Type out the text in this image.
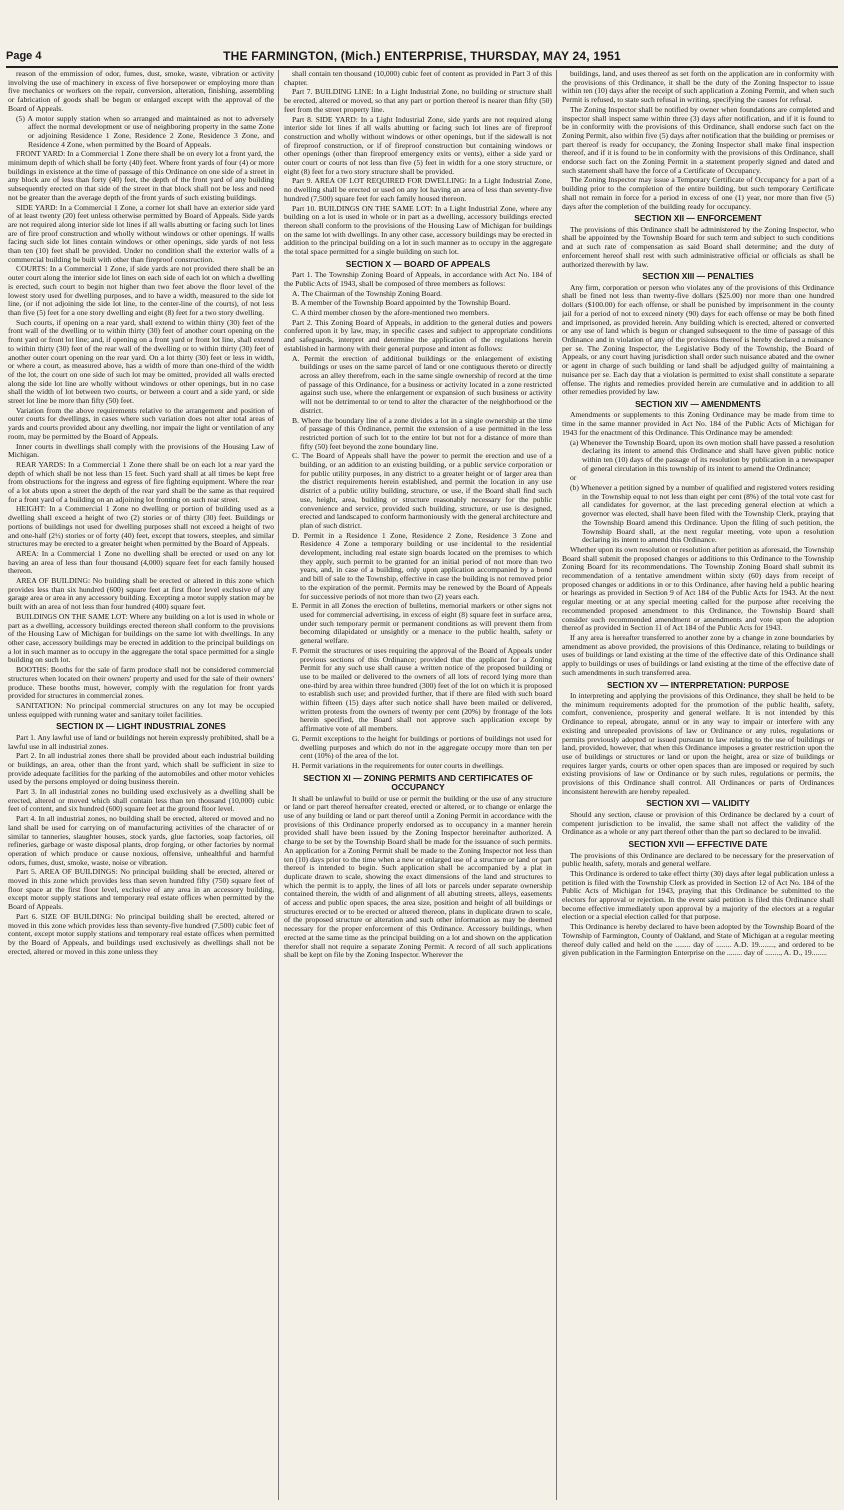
Page 4	THE FARMINGTON, (Mich.) ENTERPRISE, THURSDAY, MAY 24, 1951

reason of the emmission of odor, fumes, dust, smoke, waste, vibration or activity involving the use of machinery in excess of five horsepower or employing more than five mechanics or workers on the repair, conversion, alteration, finishing, assembling or fabrication of goods shall be begun or enlarged except with the approval of the Board of Appeals.

(5) A motor supply station when so arranged and maintained as not to adversely affect the normal development or use of neighboring property in the same Zone or adjoining Residence 1 Zone, Residence 2 Zone, Residence 3 Zone, and Residence 4 Zone, when permitted by the Board of Appeals.

FRONT YARD: In a Commercial 1 Zone there shall be on every lot a front yard, the minimum depth of which shall be forty (40) feet. Where front yards of four (4) or more buildings in existence at the time of passage of this Ordinance on one side of a street in any block are of less than forty (40) feet, the depth of the front yard of any building subsequently erected on that side of the street in that block shall not be less and need not be greater than the average depth of the front yards of such existing buildings.

SIDE YARD: In a Commercial 1 Zone, a corner lot shall have an exterior side yard of at least twenty (20) feet unless otherwise permitted by Board of Appeals. Side yards are not required along interior side lot lines if all walls abutting or facing such lot lines are of fire proof construction and wholly without windows or other openings. If walls facing such side lot lines contain windows or other openings, side yards of not less than ten (10) feet shall be provided. Under no condition shall the exterior walls of a commercial building be built with other than fireproof construction.

COURTS: In a Commercial 1 Zone, if side yards are not provided there shall be an outer court along the interior side lot lines on each side of each lot on which a dwelling is erected, such court to begin not higher than two feet above the floor level of the lowest story used for dwelling purposes, and to have a width, measured to the side lot line, (or if not adjoining the side lot line, to the center-line of the courts), of not less than five (5) feet for a one story dwelling and eight (8) feet for a two story dwelling.

Such courts, if opening on a rear yard, shall extend to within thirty (30) feet of the front wall of the dwelling or to within thirty (30) feet of another court opening on the front yard or front lot line; and, if opening on a front yard or front lot line, shall extend to within thirty (30) feet of the rear wall of the dwelling or to within thirty (30) feet of another outer court opening on the rear yard. On a lot thirty (30) feet or less in width, or where a court, as measured above, has a width of more than one-third of the width of the lot, the court on one side of such lot may be omitted, provided all walls erected along the side lot line are wholly without windows or other openings, but in no case shall the width of lot between two courts, or between a court and a side yard, or side street lot line be more than fifty (50) feet.

Variation from the above requirements relative to the arrangement and position of outer courts for dwellings, in cases where such variation does not alter total areas of yards and courts provided about any dwelling, nor impair the light or ventilation of any room, may be permitted by the Board of Appeals.

Inner courts in dwellings shall comply with the provisions of the Housing Law of Michigan.

REAR YARDS: In a Commercial 1 Zone there shall be on each lot a rear yard the depth of which shall be not less than 15 feet. Such yard shall at all times be kept free from obstructions for the ingress and egress of fire fighting equipment. Where the rear of a lot abuts upon a street the depth of the rear yard shall be the same as that required for a front yard of a building on an adjoining lot fronting on such rear street.

HEIGHT: In a Commercial 1 Zone no dwelling or portion of building used as a dwelling shall exceed a height of two (2) stories or of thirty (30) feet. Buildings or portions of buildings not used for dwelling purposes shall not exceed a height of two and one-half (2½) stories or of forty (40) feet, except that towers, steeples, and similar structures may be erected to a greater height when permitted by the Board of Appeals.

AREA: In a Commercial 1 Zone no dwelling shall be erected or used on any lot having an area of less than four thousand (4,000) square feet for each family housed thereon.

AREA OF BUILDING: No building shall be erected or altered in this zone which provides less than six hundred (600) square feet at first floor level exclusive of any garage area or area in any accessory building. Excepting a motor supply station may be built with an area of not less than four hundred (400) square feet.

BUILDINGS ON THE SAME LOT: Where any building on a lot is used in whole or part as a dwelling, accessory buildings erected thereon shall conform to the provisions of the Housing Law of Michigan for buildings on the same lot with dwellings. In any other case, accessory buildings may be erected in addition to the principal buildings on a lot in such manner as to occupy in the aggregate the total space permitted for a single building on such lot.

BOOTHS: Booths for the sale of farm produce shall not be considered commercial structures when located on their owners' property and used for the sale of their owners' produce. These booths must, however, comply with the regulation for front yards provided for structures in commercial zones.

SANITATION: No principal commercial structures on any lot may be occupied unless equipped with running water and sanitary toilet facilities.

SECTION IX — LIGHT INDUSTRIAL ZONES

Part 1. Any lawful use of land or buildings not herein expressly prohibited, shall be a lawful use in all industrial zones.

Part 2. In all industrial zones there shall be provided about each industrial building or buildings, an area, other than the front yard, which shall be sufficient in size to provide adequate facilities for the parking of the automobiles and other motor vehicles used by the persons employed or doing business therein.

Part 3. In all industrial zones no building used exclusively as a dwelling shall be erected, altered or moved which shall contain less than ten thousand (10,000) cubic feet of content, and six hundred (600) square feet at the ground floor level.

Part 4. In all industrial zones, no building shall be erected, altered or moved and no land shall be used for carrying on of manufacturing activities of the character of or similar to tanneries, slaughter houses, stock yards, glue factories, soap factories, oil refineries, garbage or waste disposal plants, drop forging, or other factories by normal operation of which produce or cause noxious, offensive, unhealthful and harmful odors, fumes, dust, smoke, waste, noise or vibration.

Part 5. AREA OF BUILDINGS: No principal building shall be erected, altered or moved in this zone which provides less than seven hundred fifty (750) square feet of floor space at the first floor level, exclusive of any area in an accessory building, except motor supply stations and temporary real estate offices when permitted by the Board of Appeals.

Part 6. SIZE OF BUILDING: No principal building shall be erected, altered or moved in this zone which provides less than seventy-five hundred (7,500) cubic feet of content, except motor supply stations and temporary real estate offices when permitted by the Board of Appeals, and buildings used exclusively as dwellings shall not be erected, altered or moved in this zone unless they

shall contain ten thousand (10,000) cubic feet of content as provided in Part 3 of this chapter.

Part 7. BUILDING LINE: In a Light Industrial Zone, no building or structure shall be erected, altered or moved, so that any part or portion thereof is nearer than fifty (50) feet from the street property line.

Part 8. SIDE YARD: In a Light Industrial Zone, side yards are not required along interior side lot lines if all walls abutting or facing such lot lines are of fireproof construction and wholly without windows or other openings, but if the sidewall is not of fireproof construction, or if of fireproof construction but containing windows or other openings (other than fireproof emergency exits or vents), either a side yard or outer court or courts of not less than five (5) feet in width for a one story structure, or eight (8) feet for a two story structure shall be provided.

Part 9. AREA OF LOT REQUIRED FOR DWELLING: In a Light Industrial Zone, no dwelling shall be erected or used on any lot having an area of less than seventy-five hundred (7,500) square feet for each family housed thereon.

Part 10. BUILDINGS ON THE SAME LOT: In a Light Industrial Zone, where any building on a lot is used in whole or in part as a dwelling, accessory buildings erected thereon shall conform to the provisions of the Housing Law of Michigan for buildings on the same lot with dwellings. In any other case, accessory buildings may be erected in addition to the principal building on a lot in such manner as to occupy in the aggregate the total space permitted for a single building on such lot.

SECTION X — BOARD OF APPEALS

Part 1. The Township Zoning Board of Appeals, in accordance with Act No. 184 of the Public Acts of 1943, shall be composed of three members as follows:

A. The Chairman of the Township Zoning Board.

B. A member of the Township Board appointed by the Township Board.

C. A third member chosen by the afore-mentioned two members.

Part 2. This Zoning Board of Appeals, in addition to the general duties and powers conferred upon it by law, may, in specific cases and subject to appropriate conditions and safeguards, interpret and determine the application of the regulations herein established in harmony with their general purpose and intent as follows:

A. Permit the erection of additional buildings or the enlargement of existing buildings or uses on the same parcel of land or one contiguous thereto or directly across an alley therefrom, each in the same single ownership of record at the time of passage of this Ordinance, for a business or activity located in a zone restricted against such use, where the enlargement or expansion of such business or activity will not be detrimental to or tend to alter the character of the neighborhood or the district.

B. Where the boundary line of a zone divides a lot in a single ownership at the time of passage of this Ordinance, permit the extension of a use permitted in the less restricted portion of such lot to the entire lot but not for a distance of more than fifty (50) feet beyond the zone boundary line.

C. The Board of Appeals shall have the power to permit the erection and use of a building, or an addition to an existing building, or a public service corporation or for public utility purposes, in any district to a greater height or of larger area than the district requirements herein established, and permit the location in any use district of a public utility building, structure, or use, if the Board shall find such use, height, area, building or structure reasonably necessary for the public convenience and service, provided such building, structure, or use is designed, erected and landscaped to conform harmoniously with the general architecture and plan of such district.

D. Permit in a Residence 1 Zone, Residence 2 Zone, Residence 3 Zone and Residence 4 Zone a temporary building or use incidental to the residential development, including real estate sign boards located on the premises to which they apply, such permit to be granted for an initial period of not more than two years, and, in case of a building, only upon application accompanied by a bond and bill of sale to the Township, effective in case the building is not removed prior to the expiration of the permit. Permits may be renewed by the Board of Appeals for successive periods of not more than two (2) years each.

E. Permit in all Zones the erection of bulletins, memorial markers or other signs not used for commercial advertising, in excess of eight (8) square feet in surface area, under such temporary permit or permanent conditions as will prevent them from becoming dilapidated or unsightly or a menace to the public health, safety or general welfare.

F. Permit the structures or uses requiring the approval of the Board of Appeals under previous sections of this Ordinance; provided that the applicant for a Zoning Permit for any such use shall cause a written notice of the proposed building or use to be mailed or delivered to the owners of all lots of record lying more than one-third by area within three hundred (300) feet of the lot on which it is proposed to establish such use; and provided further, that if there are filed with such board within fifteen (15) days after such notice shall have been mailed or delivered, written protests from the owners of twenty per cent (20%) by frontage of the lots herein specified, the Board shall not approve such application except by affirmative vote of all members.

G. Permit exceptions to the height for buildings or portions of buildings not used for dwelling purposes and which do not in the aggregate occupy more than ten per cent (10%) of the area of the lot.

H. Permit variations in the requirements for outer courts in dwellings.

SECTION XI — ZONING PERMITS AND CERTIFICATES OF OCCUPANCY

It shall be unlawful to build or use or permit the building or the use of any structure or land or part thereof hereafter created, erected or altered, or to change or enlarge the use of any building or land or part thereof until a Zoning Permit in accordance with the provisions of this Ordinance properly endorsed as to occupancy in a manner herein provided shall have been issued by the Zoning Inspector hereinafter authorized. A charge to be set by the Township Board shall be made for the issuance of such permits. An application for a Zoning Permit shall be made to the Zoning Inspector not less than ten (10) days prior to the time when a new or enlarged use of a structure or land or part thereof is intended to begin. Such application shall be accompanied by a plat in duplicate drawn to scale, showing the exact dimensions of the land and structures to which the permit is to apply, the lines of all lots or parcels under separate ownership contained therein, the width of and alignment of all abutting streets, alleys, easements of access and public open spaces, the area size, position and height of all buildings or structures erected or to be erected or altered thereon, plans in duplicate drawn to scale, of the proposed structure or alteration and such other information as may be deemed necessary for the proper enforcement of this Ordinance. Accessory buildings, when erected at the same time as the principal building on a lot and shown on the application therefor shall not require a separate Zoning Permit. A record of all such applications shall be kept on file by the Zoning Inspector. Wherever the

buildings, land, and uses thereof as set forth on the application are in conformity with the provisions of this Ordinance, it shall be the duty of the Zoning Inspector to issue within ten (10) days after the receipt of such application a Zoning Permit, and when such Permit is refused, to state such refusal in writing, specifying the causes for refusal.

The Zoning Inspector shall be notified by owner when foundations are completed and inspector shall inspect same within three (3) days after notification, and if it is found to be in conformity with the provisions of this Ordinance, shall endorse such fact on the Zoning Permit, also within five (5) days after notification that the building or premises or part thereof is ready for occupancy, the Zoning Inspector shall make final inspection thereof, and if it is found to be in conformity with the provisions of this Ordinance, shall endorse such fact on the Zoning Permit in a statement properly signed and dated and such statement shall have the force of a Certificate of Occupancy.

The Zoning Inspector may issue a Temporary Certificate of Occupancy for a part of a building prior to the completion of the entire building, but such temporary Certificate shall not remain in force for a period in excess of one (1) year, nor more than five (5) days after the completion of the building ready for occupancy.

SECTION XII — ENFORCEMENT

The provisions of this Ordinance shall be administered by the Zoning Inspector, who shall be appointed by the Township Board for such term and subject to such conditions and at such rate of compensation as said Board shall determine; and the duty of enforcement hereof shall rest with such administrative official or officials as shall be authorized therewith by law.

SECTION XIII — PENALTIES

Any firm, corporation or person who violates any of the provisions of this Ordinance shall be fined not less than twenty-five dollars ($25.00) nor more than one hundred dollars ($100.00) for each offense, or shall be punished by imprisonment in the county jail for a period of not to exceed ninety (90) days for each offense or may be both fined and imprisoned, as provided herein. Any building which is erected, altered or converted or any use of land which is begun or changed subsequent to the time of passage of this Ordinance and in violation of any of the provisions thereof is hereby declared a nuisance per se. The Zoning Inspector, the Legislative Body of the Township, the Board of Appeals, or any court having jurisdiction shall order such nuisance abated and the owner or agent in charge of such building or land shall be adjudged guilty of maintaining a nuisance per se. Each day that a violation is permitted to exist shall constitute a separate offense. The rights and remedies provided herein are cumulative and in addition to all other remedies provided by law.

SECTION XIV — AMENDMENTS

Amendments or supplements to this Zoning Ordinance may be made from time to time in the same manner provided in Act No. 184 of the Public Acts of Michigan for 1943 for the enactment of this Ordinance. This Ordinance may be amended:

(a) Whenever the Township Board, upon its own motion shall have passed a resolution declaring its intent to amend this Ordinance and shall have given public notice within ten (10) days of the passage of its resolution by publication in a newspaper of general circulation in this township of its intent to amend the Ordinance;

or

(b) Whenever a petition signed by a number of qualified and registered voters residing in the Township equal to not less than eight per cent (8%) of the total vote cast for all candidates for governor, at the last preceding general election at which a governor was elected, shall have been filed with the Township Clerk, praying that the Township Board amend this Ordinance. Upon the filing of such petition, the Township Board shall, at the next regular meeting, vote upon a resolution declaring its intent to amend this Ordinance.

Whether upon its own resolution or resolution after petition as aforesaid, the Township Board shall submit the proposed changes or additions to this Ordinance to the Township Zoning Board for its recommendations. The Township Zoning Board shall submit its recommendation of a tentative amendment within sixty (60) days from receipt of proposed changes or additions in or to this Ordinance, after having held a public hearing or hearings as provided in Section 9 of Act 184 of the Public Acts for 1943. At the next regular meeting or at any special meeting called for the purpose after receiving the recommended proposed amendment to this Ordinance, the Township Board shall consider such recommended amendment or amendments and vote upon the adoption thereof as provided in Section 11 of Act 184 of the Public Acts for 1943.

If any area is hereafter transferred to another zone by a change in zone boundaries by amendment as above provided, the provisions of this Ordinance, relating to buildings or uses of buildings or land existing at the time of the effective date of this Ordinance shall apply to buildings or uses of buildings or land existing at the time of the effective date of such amendments in such transferred area.

SECTION XV — INTERPRETATION: PURPOSE

In interpreting and applying the provisions of this Ordinance, they shall be held to be the minimum requirements adopted for the promotion of the public health, safety, comfort, convenience, prosperity and general welfare. It is not intended by this Ordinance to repeal, abrogate, annul or in any way to impair or interfere with any existing and unrepealed provisions of law or Ordinance or any rules, regulations or permits previously adopted or issued pursuant to law relating to the use of buildings or land, provided, however, that when this Ordinance imposes a greater restriction upon the use of buildings or structures or land or upon the height, area or size of buildings or requires larger yards, courts or other open spaces than are imposed or required by such existing provisions of law or Ordinance or by such rules, regulations or permits, the provisions of this Ordinance shall control. All Ordinances or parts of Ordinances inconsistent herewith are hereby repealed.

SECTION XVI — VALIDITY

Should any section, clause or provision of this Ordinance be declared by a court of competent jurisdiction to be invalid, the same shall not affect the validity of the Ordinance as a whole or any part thereof other than the part so declared to be invalid.

SECTION XVII — EFFECTIVE DATE

The provisions of this Ordinance are declared to be necessary for the preservation of public health, safety, morals and general welfare.

This Ordinance is ordered to take effect thirty (30) days after legal publication unless a petition is filed with the Township Clerk as provided in Section 12 of Act No. 184 of the Public Acts of Michigan for 1943, praying that this Ordinance be submitted to the electors for approval or rejection. In the event said petition is filed this Ordinance shall become effective immediately upon approval by a majority of the electors at a regular election or a special election called for that purpose.

This Ordinance is hereby declared to have been adopted by the Township Board of the Township of Farmington, County of Oakland, and State of Michigan at a regular meeting thereof duly called and held on the ........ day of ........ A.D. 19........, and ordered to be given publication in the Farmington Enterprise on the ........ day of ........, A. D., 19........
